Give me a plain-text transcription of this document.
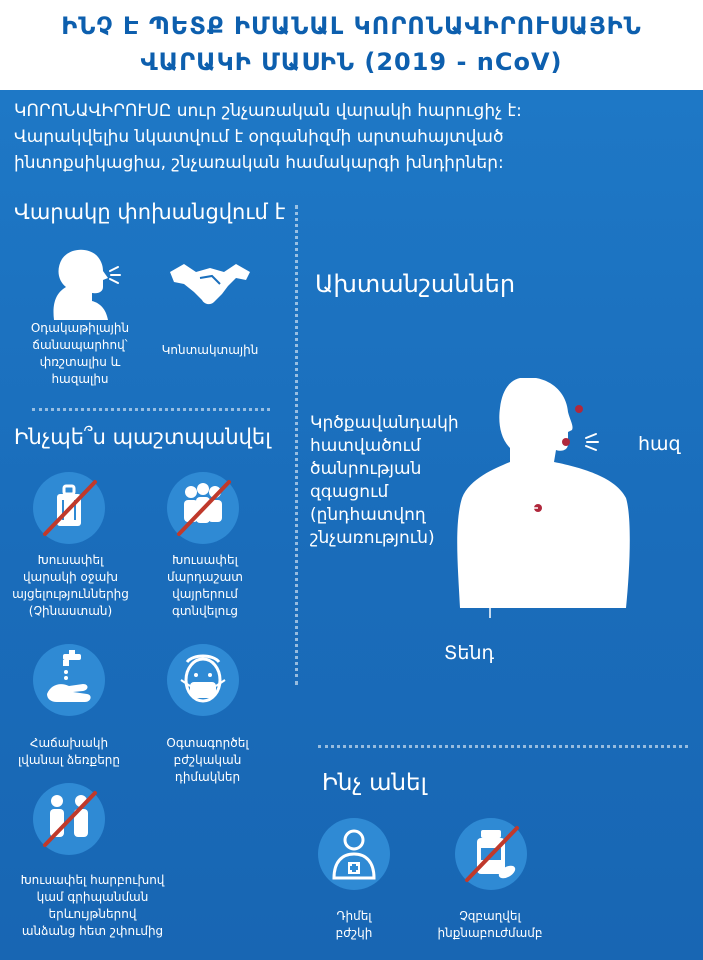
ԻՆՉ Է ՊԵՏՔ ԻՄԱՆԱԼ ԿՈՐՈՆԱՎԻՐՈՒՍԱՅԻՆ
ՎԱՐԱԿԻ ՄԱՍԻՆ (2019 - nCoV)
ԿՈՐՈՆԱՎԻՐՈՒՍԸ սուր շնչառական վարակի հարուցիչ է:
Վարակվելիս նկատվում է օրգանիզմի արտահայտված
ինտոքսիկացիա, շնչառական համակարգի խնդիրներ:
Վարակը փոխանցվում է
Օդակաթիլային
ճանապարհով՝
փռշտալիս և
հազալիս
Կոնտակտային
Ինչպե՞ս պաշտպանվել
Խուսափել
վարակի օջախ
այցելություններից
(Չինաստան)
Խուսափել
մարդաշատ
վայրերում
գտնվելուց
Հաճախակի
լվանալ ձեռքերը
Օգտագործել
բժշկական
դիմակներ
Խուսափել հարբուխով
կամ գրիպանման
երևույթներով
անձանց հետ շփումից
Ախտանշաններ
Կրծքավանդակի
հատվածում
ծանրության
զգացում
(ընդհատվող
շնչառություն)
հազ
Տենդ
Ինչ անել
Դիմել
բժշկի
Չզբաղվել
ինքնաբուժմամբ
